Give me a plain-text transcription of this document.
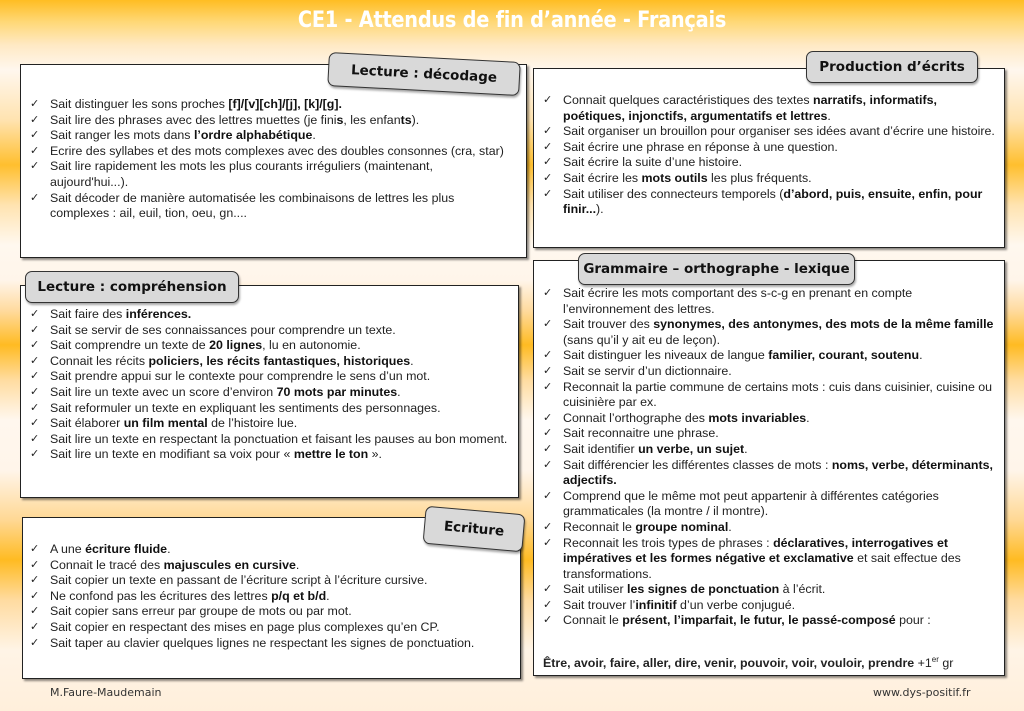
CE1 - Attendus de fin d’année - Français
✓ Sait distinguer les sons proches [f]/[v][ch]/[j], [k]/[g].
✓ Sait lire des phrases avec des lettres muettes (je finis, les enfants).
✓ Sait ranger les mots dans l’ordre alphabétique.
✓ Ecrire des syllabes et des mots complexes avec des doubles consonnes (cra, star)
✓ Sait lire rapidement les mots les plus courants irréguliers (maintenant, aujourd'hui...).
✓ Sait décoder de manière automatisée les combinaisons de lettres les plus complexes : ail, euil, tion, oeu, gn....
Lecture : décodage
✓ Sait faire des inférences.
✓ Sait se servir de ses connaissances pour comprendre un texte.
✓ Sait comprendre un texte de 20 lignes, lu en autonomie.
✓ Connait les récits policiers, les récits fantastiques, historiques.
✓ Sait prendre appui sur le contexte pour comprendre le sens d’un mot.
✓ Sait lire un texte avec un score d’environ 70 mots par minutes.
✓ Sait reformuler un texte en expliquant les sentiments des personnages.
✓ Sait élaborer un film mental de l’histoire lue.
✓ Sait lire un texte en respectant la ponctuation et faisant les pauses au bon moment.
✓ Sait lire un texte en modifiant sa voix pour « mettre le ton ».
Lecture : compréhension
✓ A une écriture fluide.
✓ Connait le tracé des majuscules en cursive.
✓ Sait copier un texte en passant de l’écriture script à l’écriture cursive.
✓ Ne confond pas les écritures des lettres p/q et b/d.
✓ Sait copier sans erreur par groupe de mots ou par mot.
✓ Sait copier en respectant des mises en page plus complexes qu’en CP.
✓ Sait taper au clavier quelques lignes ne respectant les signes de ponctuation.
Ecriture
✓ Connait quelques caractéristiques des textes narratifs, informatifs, poétiques, injonctifs, argumentatifs et lettres.
✓ Sait organiser un brouillon pour organiser ses idées avant d’écrire une histoire.
✓ Sait écrire une phrase en réponse à une question.
✓ Sait écrire la suite d’une histoire.
✓ Sait écrire les mots outils les plus fréquents.
✓ Sait utiliser des connecteurs temporels (d’abord, puis, ensuite, enfin, pour finir...).
Production d’écrits
✓ Sait écrire les mots comportant des s-c-g en prenant en compte l’environnement des lettres.
✓ Sait trouver des synonymes, des antonymes, des mots de la même famille (sans qu’il y ait eu de leçon).
✓ Sait distinguer les niveaux de langue familier, courant, soutenu.
✓ Sait se servir d’un dictionnaire.
✓ Reconnait la partie commune de certains mots : cuis dans cuisinier, cuisine ou cuisinière par ex.
✓ Connait l’orthographe des mots invariables.
✓ Sait reconnaitre une phrase.
✓ Sait identifier un verbe, un sujet.
✓ Sait différencier les différentes classes de mots : noms, verbe, déterminants, adjectifs.
✓ Comprend que le même mot peut appartenir à différentes catégories grammaticales (la montre / il montre).
✓ Reconnait le groupe nominal.
✓ Reconnait les trois types de phrases : déclaratives, interrogatives et impératives et les formes négative et exclamative et sait effectue des transformations.
✓ Sait utiliser les signes de ponctuation à l’écrit.
✓ Sait trouver l’infinitif d’un verbe conjugué.
✓ Connait le présent, l’imparfait, le futur, le passé-composé pour :
Être, avoir, faire, aller, dire, venir, pouvoir, voir, vouloir, prendre +1er gr
Grammaire – orthographe - lexique
M.Faure-Maudemain	www.dys-positif.fr
